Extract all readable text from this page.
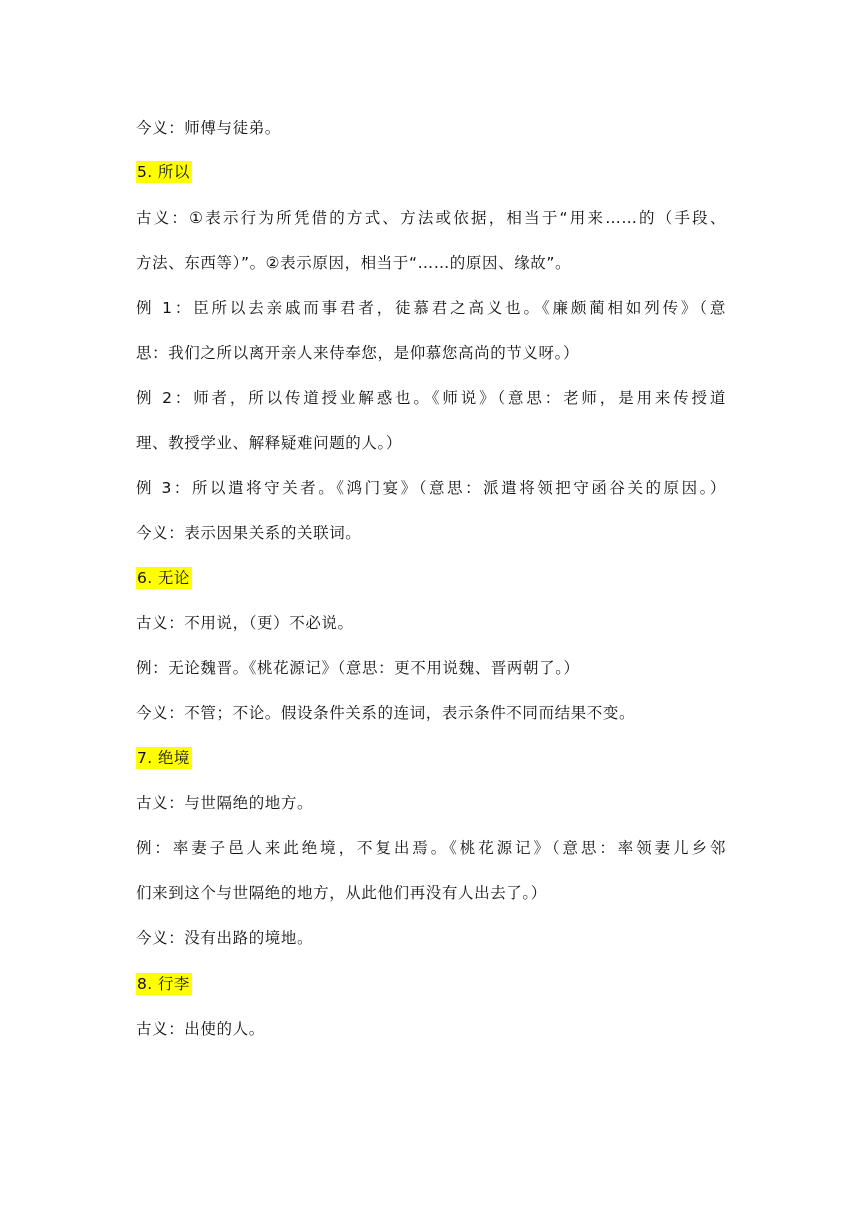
今义：师傅与徒弟。
5. 所以
古义：①表示行为所凭借的方式、方法或依据，相当于“用来……的（手段、
方法、东西等）”。②表示原因，相当于“……的原因、缘故”。
例 1：臣所以去亲戚而事君者，徒慕君之高义也。《廉颇蔺相如列传》（意
思：我们之所以离开亲人来侍奉您，是仰慕您高尚的节义呀。）
例 2：师者，所以传道授业解惑也。《师说》（意思：老师，是用来传授道
理、教授学业、解释疑难问题的人。）
例 3：所以遣将守关者。《鸿门宴》（意思：派遣将领把守函谷关的原因。）
今义：表示因果关系的关联词。
6. 无论
古义：不用说，（更）不必说。
例：无论魏晋。《桃花源记》（意思：更不用说魏、晋两朝了。）
今义：不管；不论。假设条件关系的连词，表示条件不同而结果不变。
7. 绝境
古义：与世隔绝的地方。
例：率妻子邑人来此绝境，不复出焉。《桃花源记》（意思：率领妻儿乡邻
们来到这个与世隔绝的地方，从此他们再没有人出去了。）
今义：没有出路的境地。
8. 行李
古义：出使的人。
